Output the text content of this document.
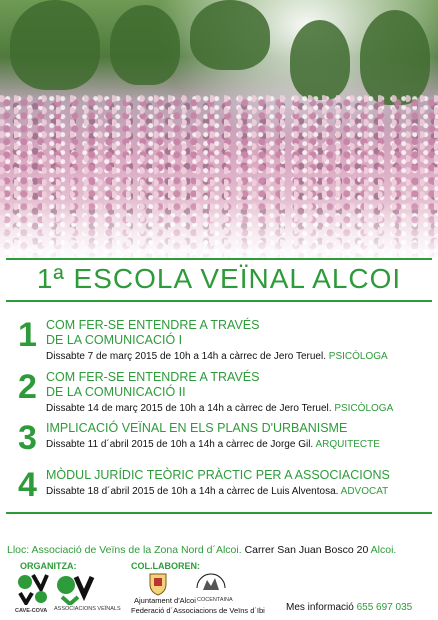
1ª ESCOLA VEÏNAL ALCOI
1 COM FER-SE ENTENDRE A TRAVÉS
DE LA COMUNICACIÓ I
Dissabte 7 de març 2015 de 10h a 14h a càrrec de Jero Teruel. PSICÒLOGA
2 COM FER-SE ENTENDRE A TRAVÉS
DE LA COMUNICACIÓ II
Dissabte 14 de març 2015 de 10h a 14h a càrrec de Jero Teruel. PSICÒLOGA
3 IMPLICACIÓ VEÏNAL EN ELS PLANS D'URBANISME
Dissabte 11 d´abril 2015 de 10h a 14h a càrrec de Jorge Gil. ARQUITECTE
4 MÒDUL JURÍDIC TEÒRIC PRÀCTIC PER A ASSOCIACIONS
Dissabte 18 d´abril 2015 de 10h a 14h a càrrec de Luis Alventosa. ADVOCAT
Lloc: Associació de Veïns de la Zona Nord d´Alcoi. Carrer San Juan Bosco 20 Alcoi.
ORGANITZA:
CAVE-COVA ASSOCIACIONS VEÏNALS
COL.LABOREN:
Ajuntament d'Alcoi COCENTAINA
Federació d´Associacions de Veïns d´Ibi Mes informació 655 697 035
